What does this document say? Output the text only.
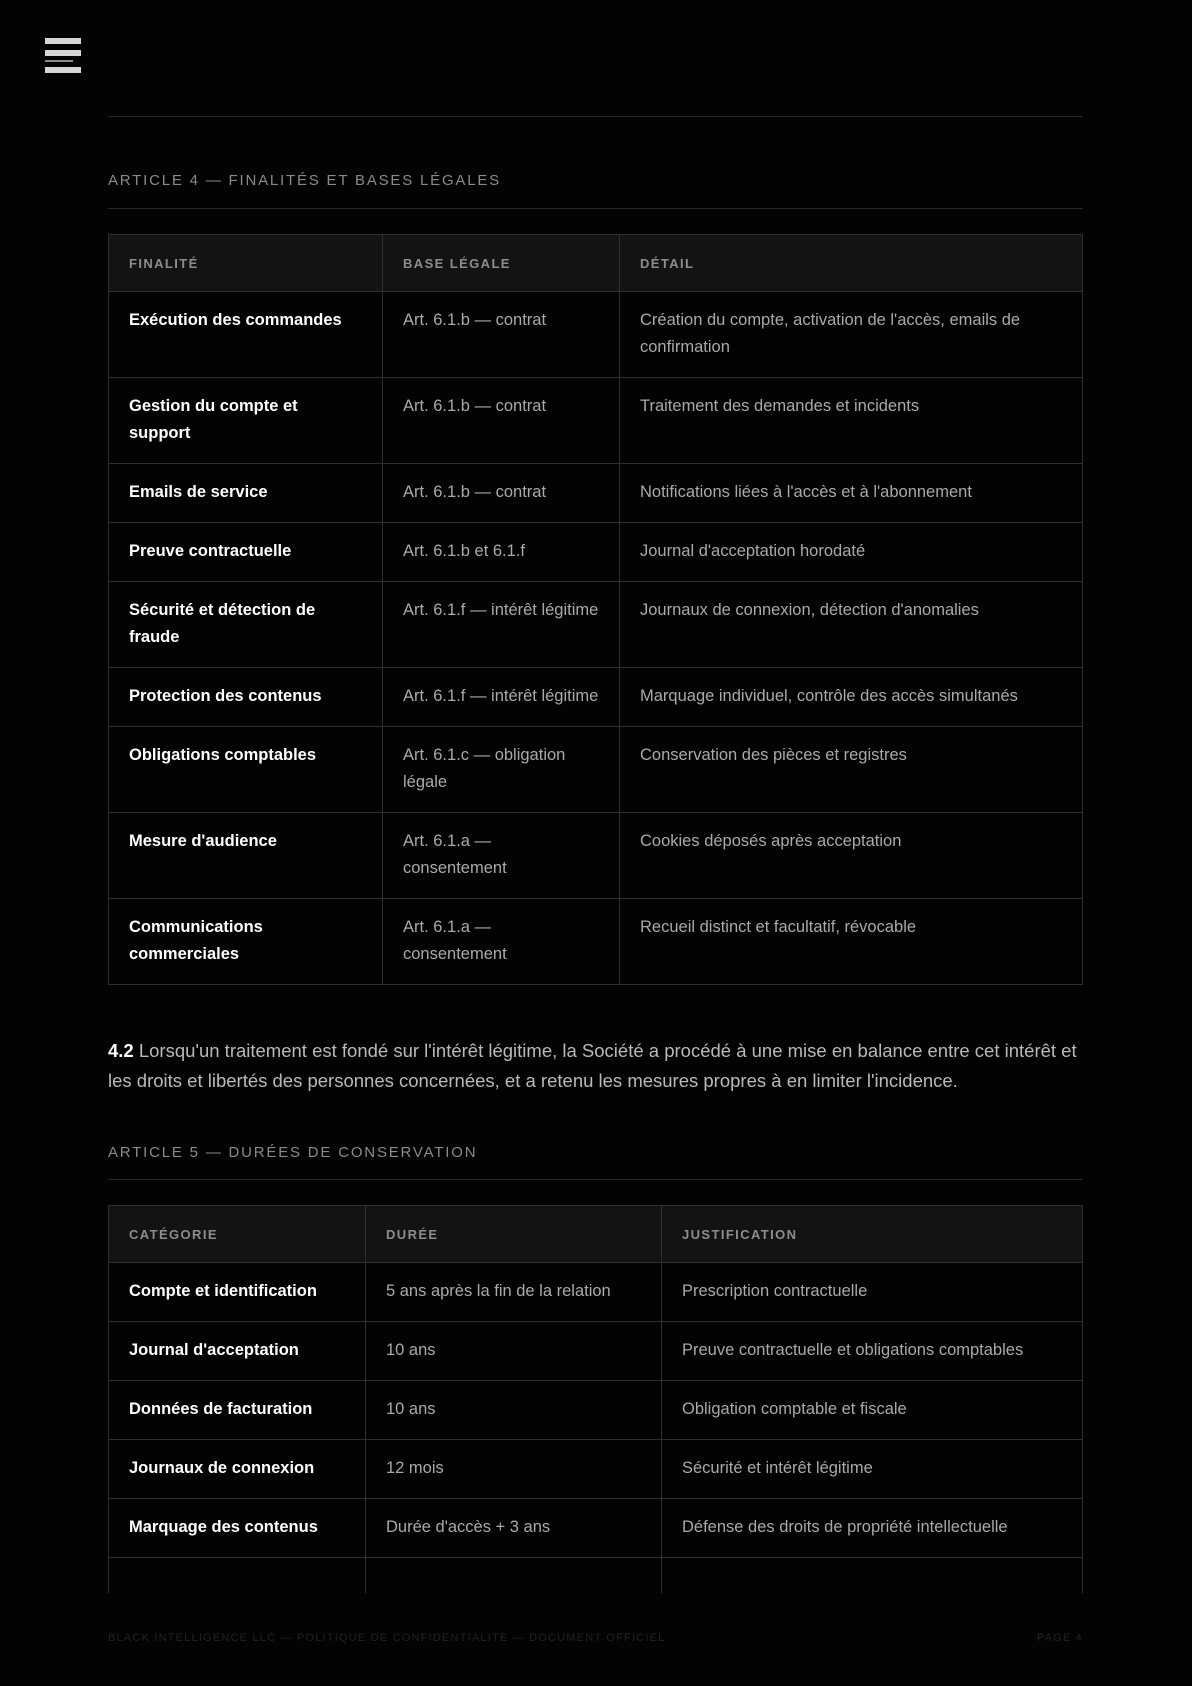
ARTICLE 4 — FINALITÉS ET BASES LÉGALES
FINALITÉ	BASE LÉGALE	DÉTAIL
Exécution des commandes	Art. 6.1.b — contrat	Création du compte, activation de l'accès, emails de confirmation
Gestion du compte et support	Art. 6.1.b — contrat	Traitement des demandes et incidents
Emails de service	Art. 6.1.b — contrat	Notifications liées à l'accès et à l'abonnement
Preuve contractuelle	Art. 6.1.b et 6.1.f	Journal d'acceptation horodaté
Sécurité et détection de fraude	Art. 6.1.f — intérêt légitime	Journaux de connexion, détection d'anomalies
Protection des contenus	Art. 6.1.f — intérêt légitime	Marquage individuel, contrôle des accès simultanés
Obligations comptables	Art. 6.1.c — obligation légale	Conservation des pièces et registres
Mesure d'audience	Art. 6.1.a — consentement	Cookies déposés après acceptation
Communications commerciales	Art. 6.1.a — consentement	Recueil distinct et facultatif, révocable

4.2 Lorsqu'un traitement est fondé sur l'intérêt légitime, la Société a procédé à une mise en balance entre cet intérêt et les droits et libertés des personnes concernées, et a retenu les mesures propres à en limiter l'incidence.

ARTICLE 5 — DURÉES DE CONSERVATION
CATÉGORIE	DURÉE	JUSTIFICATION
Compte et identification	5 ans après la fin de la relation	Prescription contractuelle
Journal d'acceptation	10 ans	Preuve contractuelle et obligations comptables
Données de facturation	10 ans	Obligation comptable et fiscale
Journaux de connexion	12 mois	Sécurité et intérêt légitime
Marquage des contenus	Durée d'accès + 3 ans	Défense des droits de propriété intellectuelle

BLACK INTELLIGENCE LLC — POLITIQUE DE CONFIDENTIALITÉ — DOCUMENT OFFICIEL	PAGE 4
